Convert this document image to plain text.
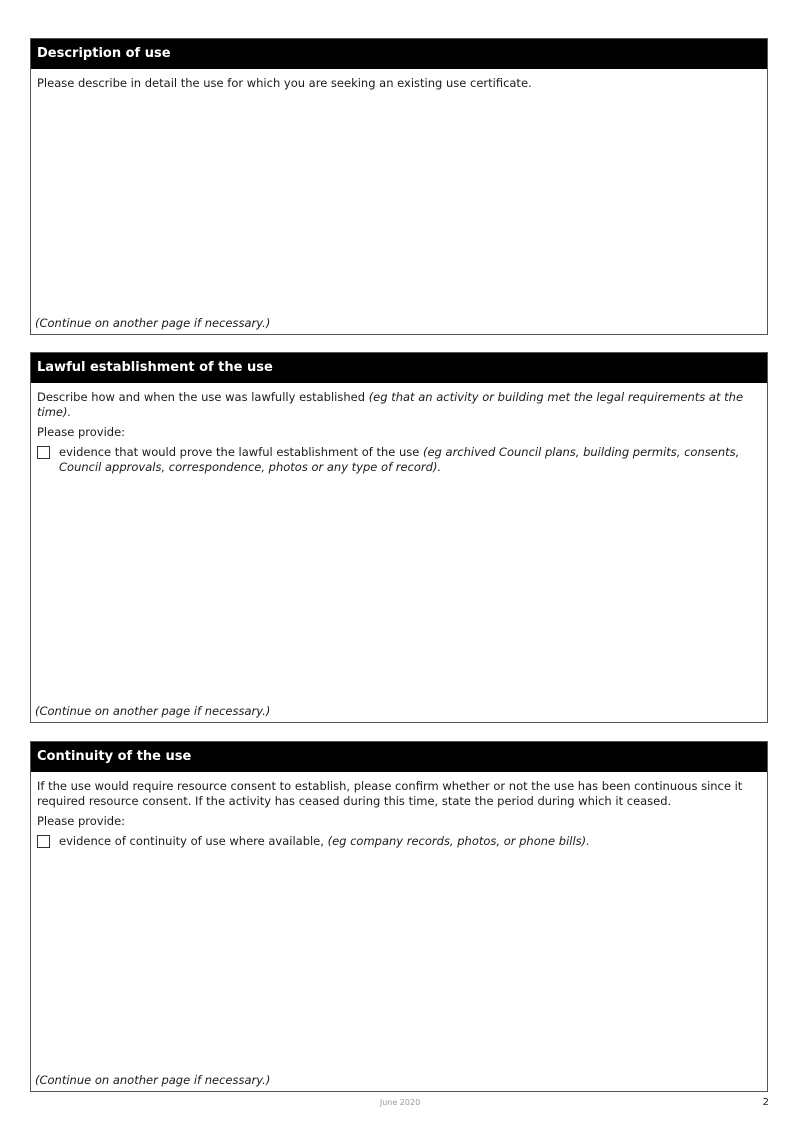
Description of use

Please describe in detail the use for which you are seeking an existing use certificate.

(Continue on another page if necessary.)
Lawful establishment of the use

Describe how and when the use was lawfully established (eg that an activity or building met the legal requirements at the time).

Please provide:

evidence that would prove the lawful establishment of the use (eg archived Council plans, building permits, consents, Council approvals, correspondence, photos or any type of record).
(Continue on another page if necessary.)
Continuity of the use

If the use would require resource consent to establish, please confirm whether or not the use has been continuous since it required resource consent. If the activity has ceased during this time, state the period during which it ceased.

Please provide:

evidence of continuity of use where available, (eg company records, photos, or phone bills).
(Continue on another page if necessary.)
June 2020	2
